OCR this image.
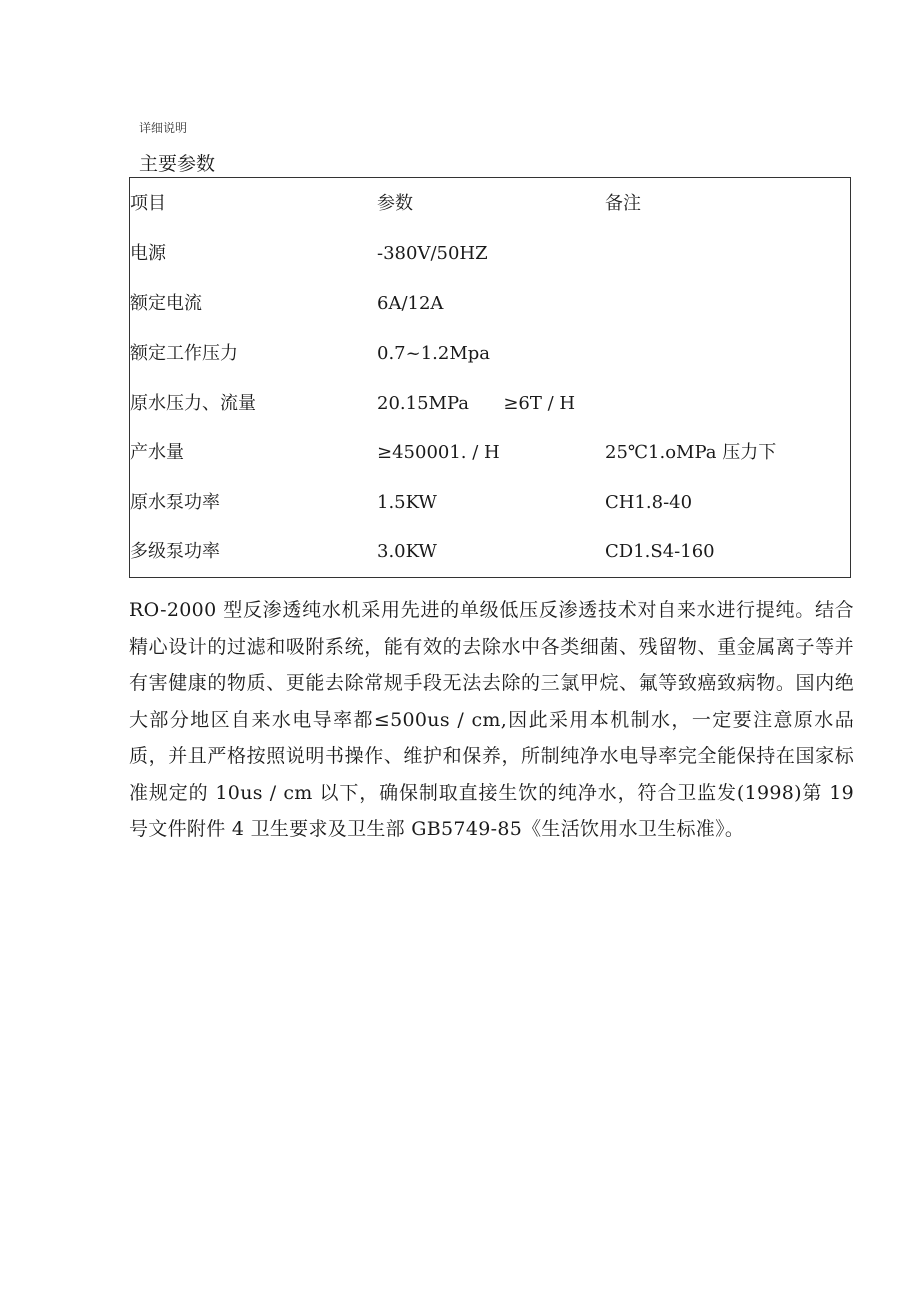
详细说明
主要参数
项目	参数	备注
电源	-380V/50HZ
额定电流	6A/12A
额定工作压力	0.7~1.2Mpa
原水压力、流量	20.15MPa      ≥6T / H
产水量	≥450001. / H	25℃1.oMPa 压力下
原水泵功率	1.5KW	CH1.8-40
多级泵功率	3.0KW	CD1.S4-160
RO-2000 型反渗透纯水机采用先进的单级低压反渗透技术对自来水进行提纯。结合精心设计的过滤和吸附系统，能有效的去除水中各类细菌、残留物、重金属离子等并有害健康的物质、更能去除常规手段无法去除的三氯甲烷、氟等致癌致病物。国内绝大部分地区自来水电导率都≤500us / cm,因此采用本机制水，一定要注意原水品质，并且严格按照说明书操作、维护和保养，所制纯净水电导率完全能保持在国家标准规定的 10us / cm 以下，确保制取直接生饮的纯净水，符合卫监发(1998)第 19 号文件附件 4 卫生要求及卫生部 GB5749-85《生活饮用水卫生标准》。
